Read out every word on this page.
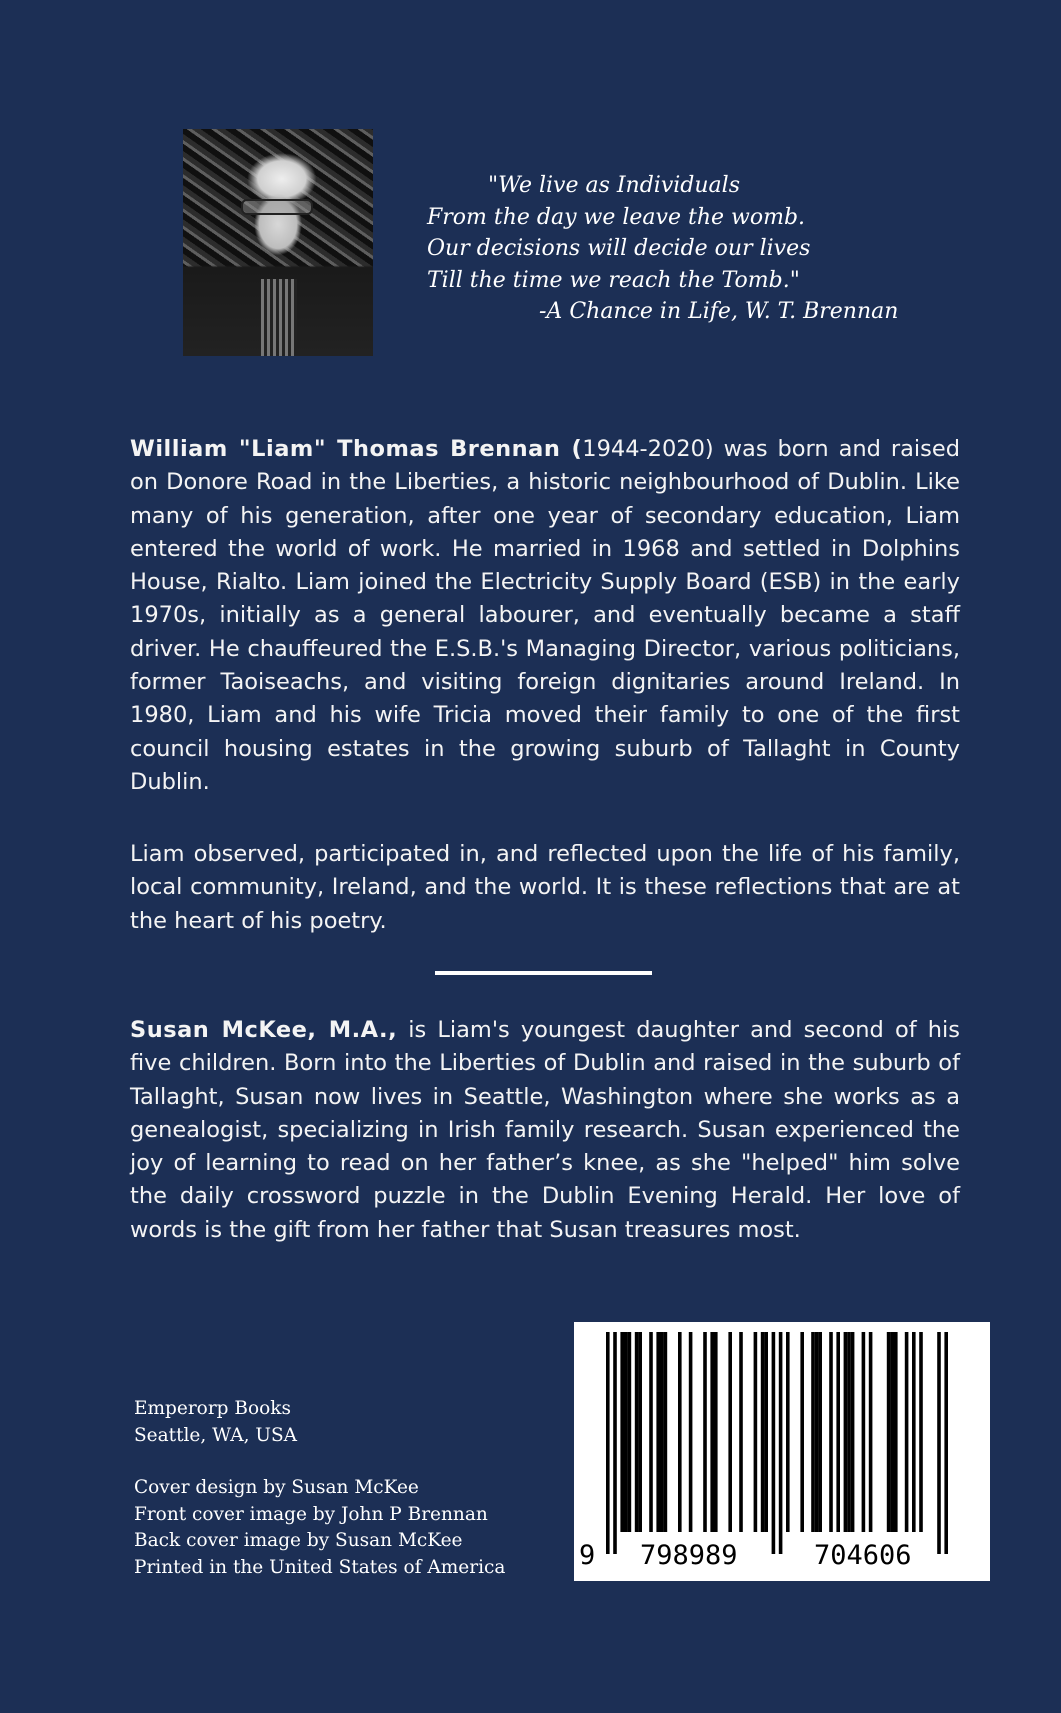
"We live as Individuals
From the day we leave the womb.
Our decisions will decide our lives
Till the time we reach the Tomb."
-A Chance in Life, W. T. Brennan

William "Liam" Thomas Brennan (1944-2020) was born and raised on Donore Road in the Liberties, a historic neighbourhood of Dublin. Like many of his generation, after one year of secondary education, Liam entered the world of work. He married in 1968 and settled in Dolphins House, Rialto. Liam joined the Electricity Supply Board (ESB) in the early 1970s, initially as a general labourer, and eventually became a staff driver. He chauffeured the E.S.B.'s Managing Director, various politicians, former Taoiseachs, and visiting foreign dignitaries around Ireland. In 1980, Liam and his wife Tricia moved their family to one of the first council housing estates in the growing suburb of Tallaght in County Dublin.

Liam observed, participated in, and reflected upon the life of his family, local community, Ireland, and the world. It is these reflections that are at the heart of his poetry.

Susan McKee, M.A., is Liam's youngest daughter and second of his five children. Born into the Liberties of Dublin and raised in the suburb of Tallaght, Susan now lives in Seattle, Washington where she works as a genealogist, specializing in Irish family research. Susan experienced the joy of learning to read on her father’s knee, as she "helped" him solve the daily crossword puzzle in the Dublin Evening Herald. Her love of words is the gift from her father that Susan treasures most.

Emperorp Books
Seattle, WA, USA
Cover design by Susan McKee
Front cover image by John P Brennan
Back cover image by Susan McKee
Printed in the United States of America	9 798989	704606
